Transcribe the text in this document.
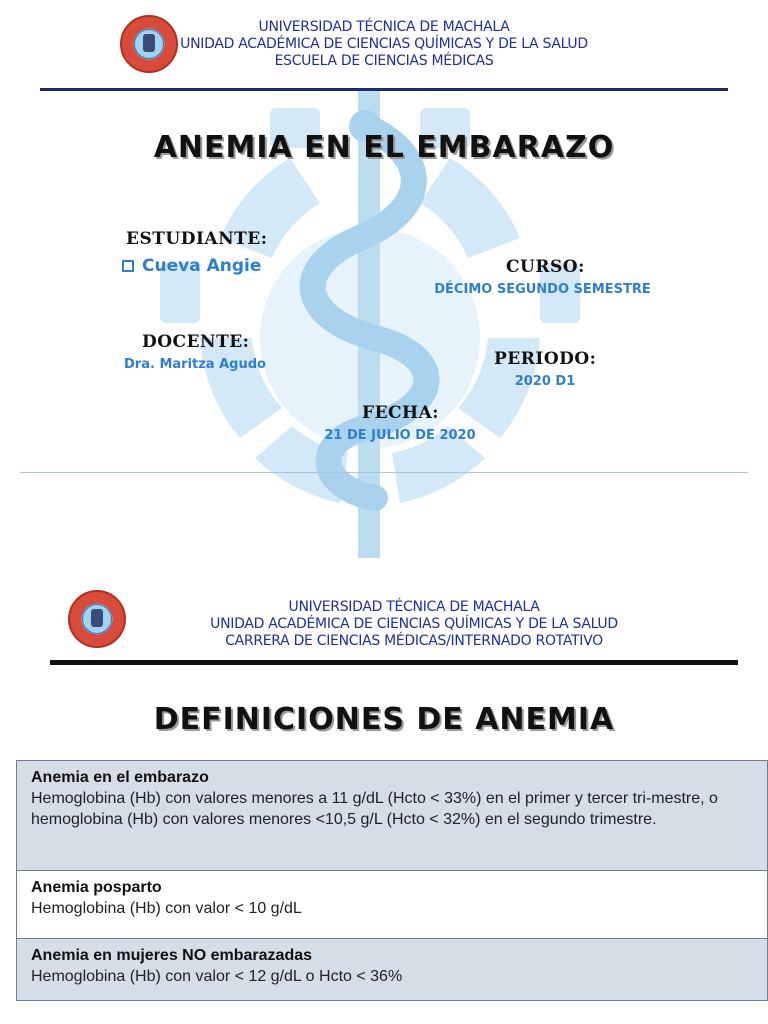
UNIVERSIDAD TÉCNICA DE MACHALA
UNIDAD ACADÉMICA DE CIENCIAS QUÍMICAS Y DE LA SALUD
ESCUELA DE CIENCIAS MÉDICAS
ANEMIA EN EL EMBARAZO
ESTUDIANTE:
Cueva Angie	CURSO:
DÉCIMO SEGUNDO SEMESTRE
DOCENTE:
Dra. Maritza Agudo	PERIODO:
2020 D1
FECHA:
21 DE JULIO DE 2020
UNIVERSIDAD TÉCNICA DE MACHALA
UNIDAD ACADÉMICA DE CIENCIAS QUÍMICAS Y DE LA SALUD
CARRERA DE CIENCIAS MÉDICAS/INTERNADO ROTATIVO
DEFINICIONES DE ANEMIA
Anemia en el embarazo
Hemoglobina (Hb) con valores menores a 11 g/dL (Hcto < 33%) en el primer y tercer tri-mestre, o hemoglobina (Hb) con valores menores <10,5 g/L (Hcto < 32%) en el segundo trimestre.
Anemia posparto
Hemoglobina (Hb) con valor < 10 g/dL
Anemia en mujeres NO embarazadas
Hemoglobina (Hb) con valor < 12 g/dL o Hcto < 36%
